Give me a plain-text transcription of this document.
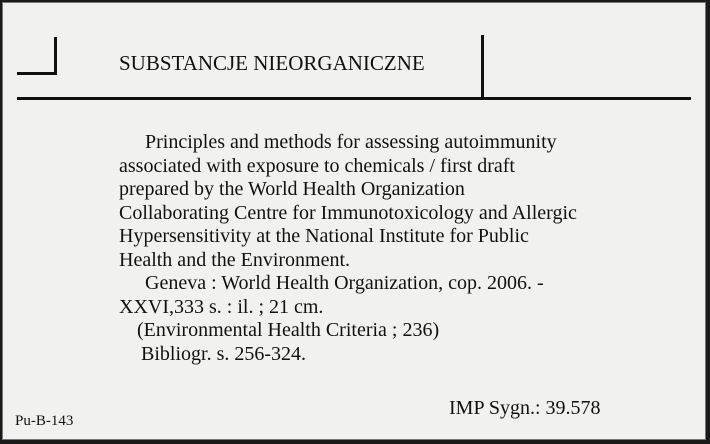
SUBSTANCJE NIEORGANICZNE
Principles and methods for assessing autoimmunity
associated with exposure to chemicals / first draft
prepared by the World Health Organization
Collaborating Centre for Immunotoxicology and Allergic
Hypersensitivity at the National Institute for Public
Health and the Environment.
Geneva : World Health Organization, cop. 2006. -
XXVI,333 s. : il. ; 21 cm.
(Environmental Health Criteria ; 236)
Bibliogr. s. 256-324.
IMP Sygn.: 39.578
Pu-B-143
